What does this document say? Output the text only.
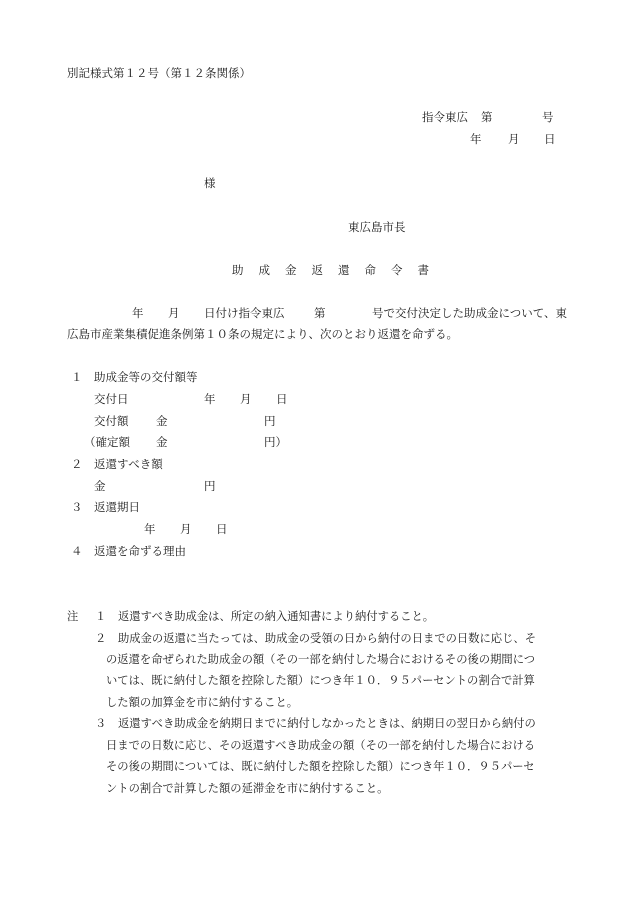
別記様式第１２号（第１２条関係）
指令東広 第	号
年 月 日
様
東広島市長
助成金返還命令書
年 月 日付け指令東広	第	号で交付決定した助成金について、東
広島市産業集積促進条例第１０条の規定により、次のとおり返還を命ずる。
１ 助成金等の交付額等
交付日	年 月 日
交付額 金	円
（確定額 金	円）
２ 返還すべき額
金	円
３ 返還期日
年 月 日
４ 返還を命ずる理由
注 １ 返還すべき助成金は、所定の納入通知書により納付すること。
２ 助成金の返還に当たっては、助成金の受領の日から納付の日までの日数に応じ、そ
の返還を命ぜられた助成金の額（その一部を納付した場合におけるその後の期間につ
いては、既に納付した額を控除した額）につき年１０．９５パーセントの割合で計算
した額の加算金を市に納付すること。
３ 返還すべき助成金を納期日までに納付しなかったときは、納期日の翌日から納付の
日までの日数に応じ、その返還すべき助成金の額（その一部を納付した場合における
その後の期間については、既に納付した額を控除した額）につき年１０．９５パーセ
ントの割合で計算した額の延滞金を市に納付すること。
